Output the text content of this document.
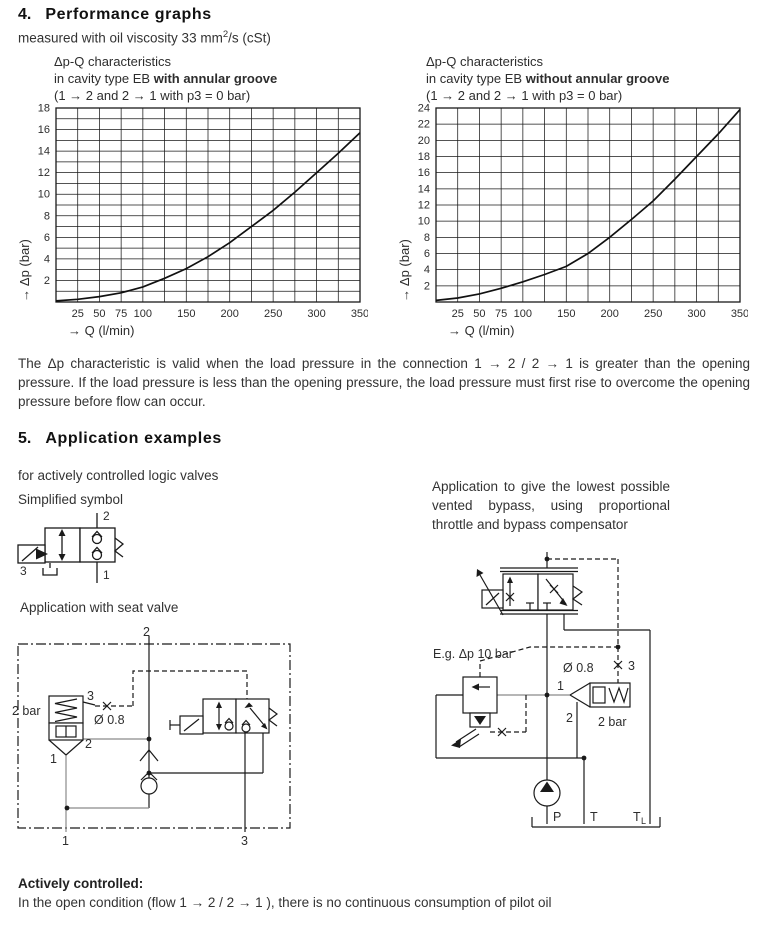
4. Performance graphs
measured with oil viscosity 33 $mm^2/s$ (cSt)
Δp-Q characteristics
in cavity type EB with annular groove
(1 → 2 and 2 → 1 with p3 = 0 bar)
2
4
6
8
10
12
14
16
18
25 50 75 100 150 200 250 300 350
→ Q (l/min)
→ Δp (bar)
Δp-Q characteristics
in cavity type EB without annular groove
(1 → 2 and 2 → 1 with p3 = 0 bar)
2
4
6
8
10
12
14
16
18
20
22
24
25 50 75 100 150 200 250 300 350
→ Q (l/min)
→ Δp (bar)
The Δp characteristic is valid when the load pressure in the connection 1 → 2 / 2 → 1 is greater than the opening pressure. If the load pressure is less than the opening pressure, the load pressure must first rise to overcome the opening pressure before flow can occur.
5. Application examples
for actively controlled logic valves
Simplified symbol
2
1
3
Application to give the lowest possible vented bypass, using proportional throttle and bypass compensator
Application with seat valve
2
2 bar
3
Ø 0.8
2
1
1	3
E.g. Δp 10 bar
Ø 0.8	3
1
2 2 bar
P T	T L
Actively controlled:
In the open condition (flow 1 → 2 / 2 → 1 ), there is no continuous consumption of pilot oil
